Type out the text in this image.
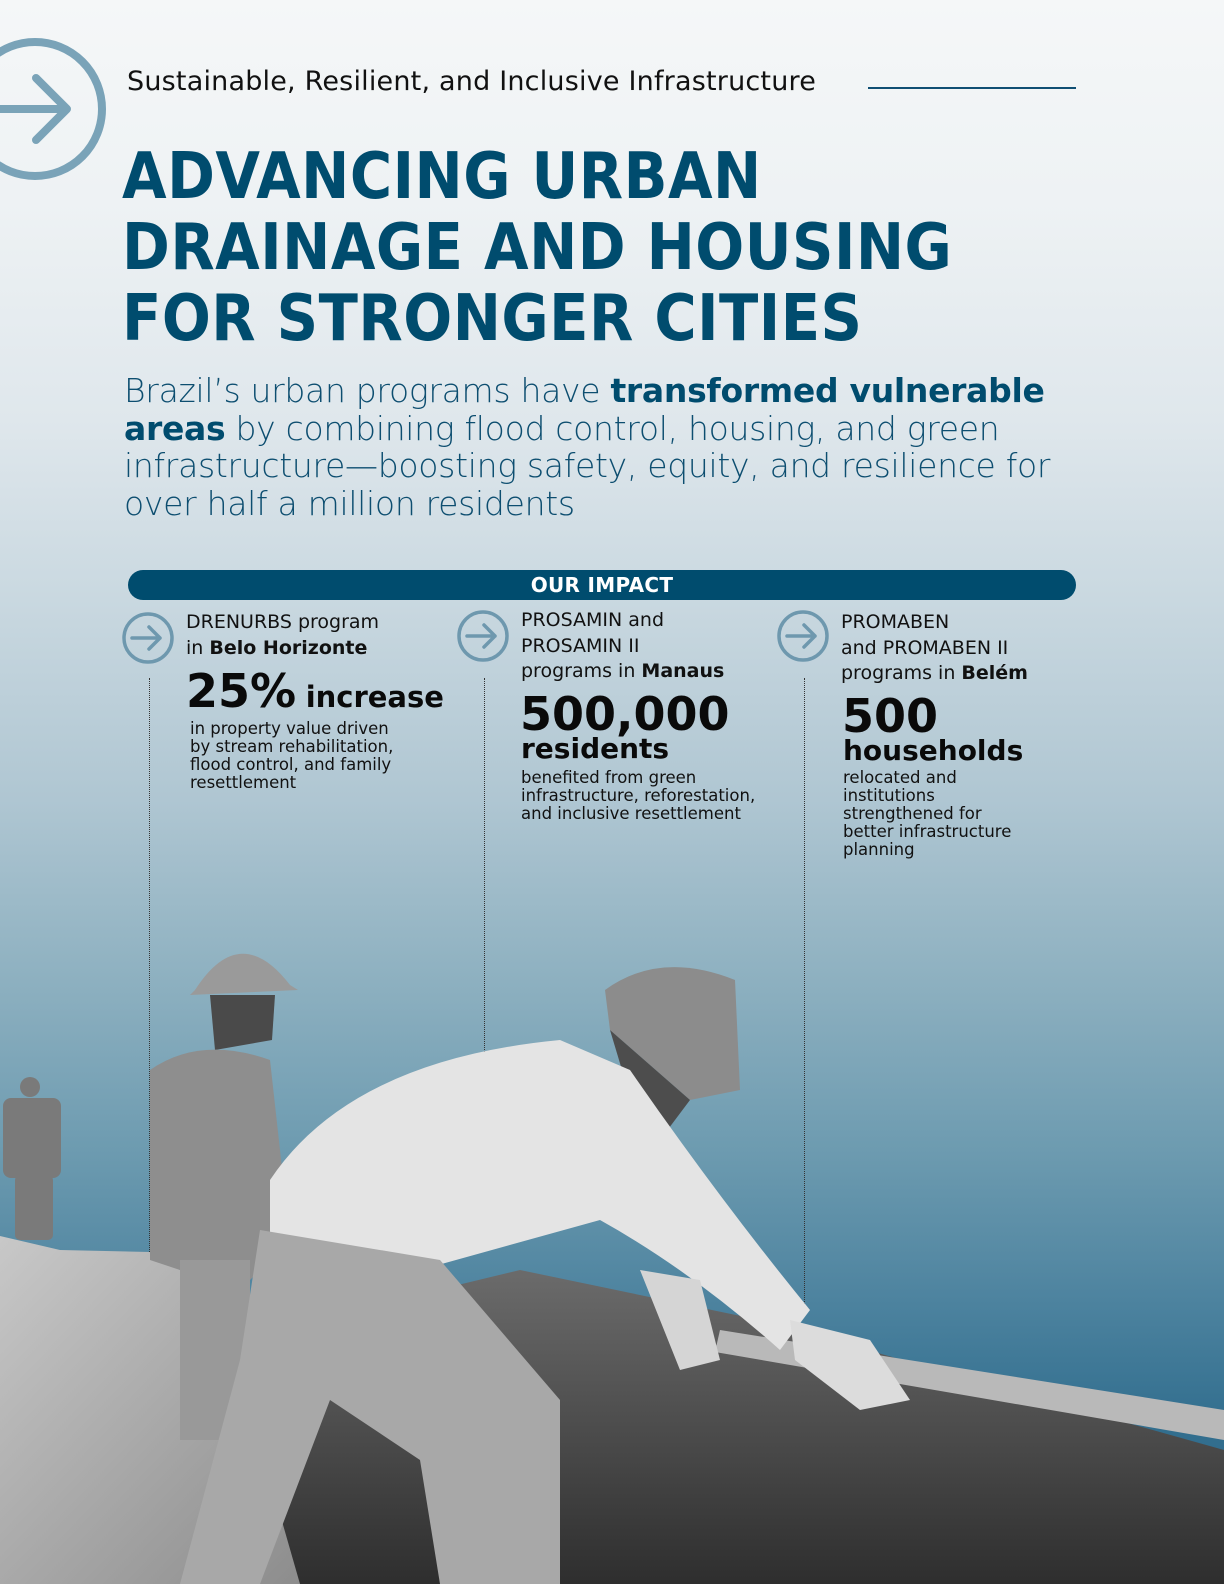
Sustainable, Resilient, and Inclusive Infrastructure
ADVANCING URBAN
DRAINAGE AND HOUSING
FOR STRONGER CITIES

Brazil’s urban programs have transformed vulnerable areas by combining flood control, housing, and green infrastructure—boosting safety, equity, and resilience for over half a million residents

OUR IMPACT
DRENURBS program
in Belo Horizonte
25% increase
in property value driven
by stream rehabilitation,
flood control, and family
resettlement
PROSAMIN and
PROSAMIN II
programs in Manaus
500,000
residents
benefited from green
infrastructure, reforestation,
and inclusive resettlement
PROMABEN
and PROMABEN II
programs in Belém
500
households
relocated and
institutions
strengthened for
better infrastructure
planning
